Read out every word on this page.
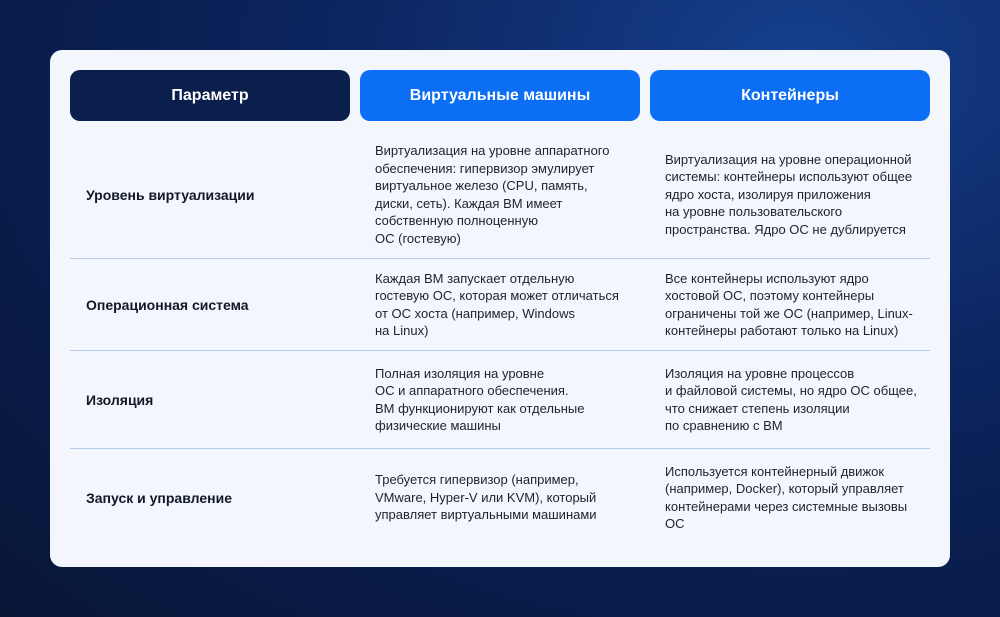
Параметр	Виртуальные машины	Контейнеры
Уровень виртуализации
Виртуализация на уровне аппаратного
обеспечения: гипервизор эмулирует
виртуальное железо (CPU, память,
диски, сеть). Каждая ВМ имеет
собственную полноценную
ОС (гостевую)
Виртуализация на уровне операционной
системы: контейнеры используют общее
ядро хоста, изолируя приложения
на уровне пользовательского
пространства. Ядро ОС не дублируется
Операционная система
Каждая ВМ запускает отдельную
гостевую ОС, которая может отличаться
от ОС хоста (например, Windows
на Linux)
Все контейнеры используют ядро
хостовой ОС, поэтому контейнеры
ограничены той же ОС (например, Linux-
контейнеры работают только на Linux)
Изоляция
Полная изоляция на уровне
ОС и аппаратного обеспечения.
ВМ функционируют как отдельные
физические машины
Изоляция на уровне процессов
и файловой системы, но ядро ОС общее,
что снижает степень изоляции
по сравнению с ВМ
Запуск и управление
Требуется гипервизор (например,
VMware, Hyper-V или KVM), который
управляет виртуальными машинами
Используется контейнерный движок
(например, Docker), который управляет
контейнерами через системные вызовы
ОС
